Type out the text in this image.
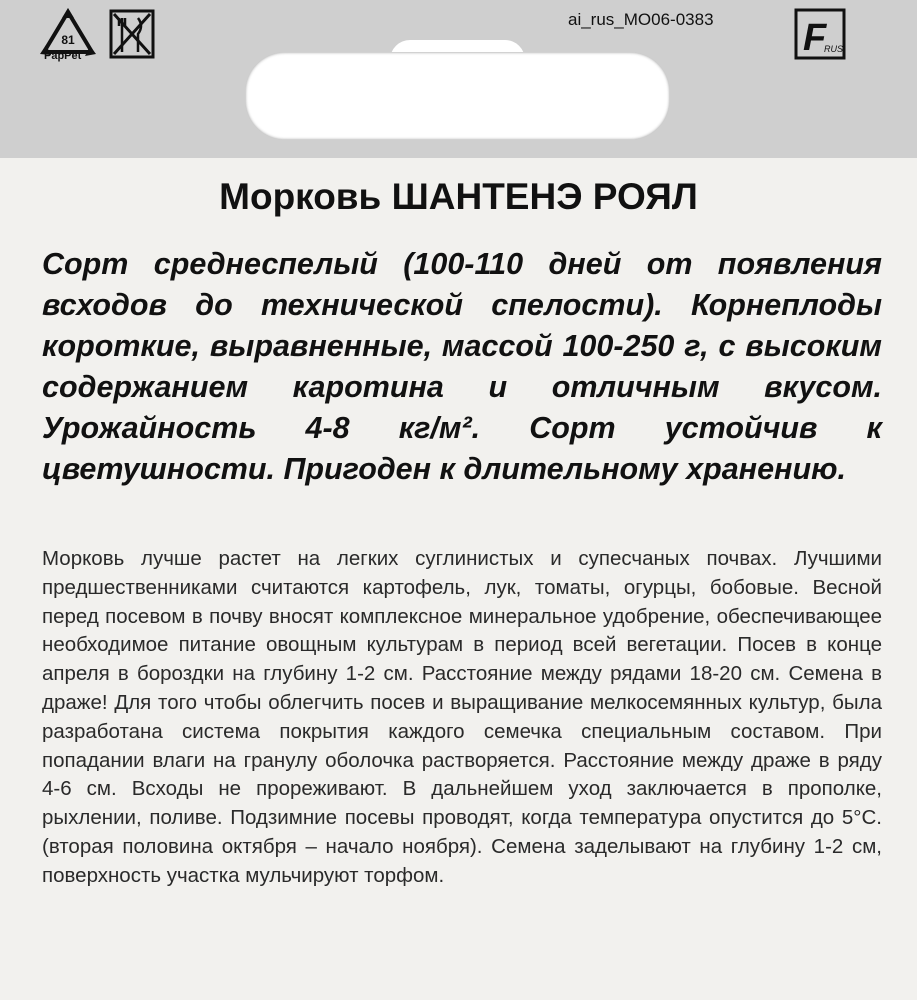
81
PapPet
ai_rus_MO06-0383 F
RUS
Морковь ШАНТЕНЭ РОЯЛ

Сорт среднеспелый (100-110 дней от появления всходов до технической спелости). Корнеплоды короткие, выравненные, массой 100-250 г, с высоким содержанием каротина и отличным вкусом. Урожайность 4-8 кг/м². Сорт устойчив к цветушности. Пригоден к длительному хранению.

Морковь лучше растет на легких суглинистых и супесчаных почвах. Лучшими предшественниками считаются картофель, лук, томаты, огурцы, бобовые. Весной перед посевом в почву вносят комплексное минеральное удобрение, обеспечивающее необходимое питание овощным культурам в период всей вегетации. Посев в конце апреля в бороздки на глубину 1-2 см. Расстояние между рядами 18-20 см. Семена в драже! Для того чтобы облегчить посев и выращивание мелкосемянных культур, была разработана система покрытия каждого семечка специальным составом. При попадании влаги на гранулу оболочка растворяется. Расстояние между драже в ряду 4-6 см. Всходы не прореживают. В дальнейшем уход заключается в прополке, рыхлении, поливе. Подзимние посевы проводят, когда температура опустится до 5°С. (вторая половина октября – начало ноября). Семена заделывают на глубину 1-2 см, поверхность участка мульчируют торфом.
